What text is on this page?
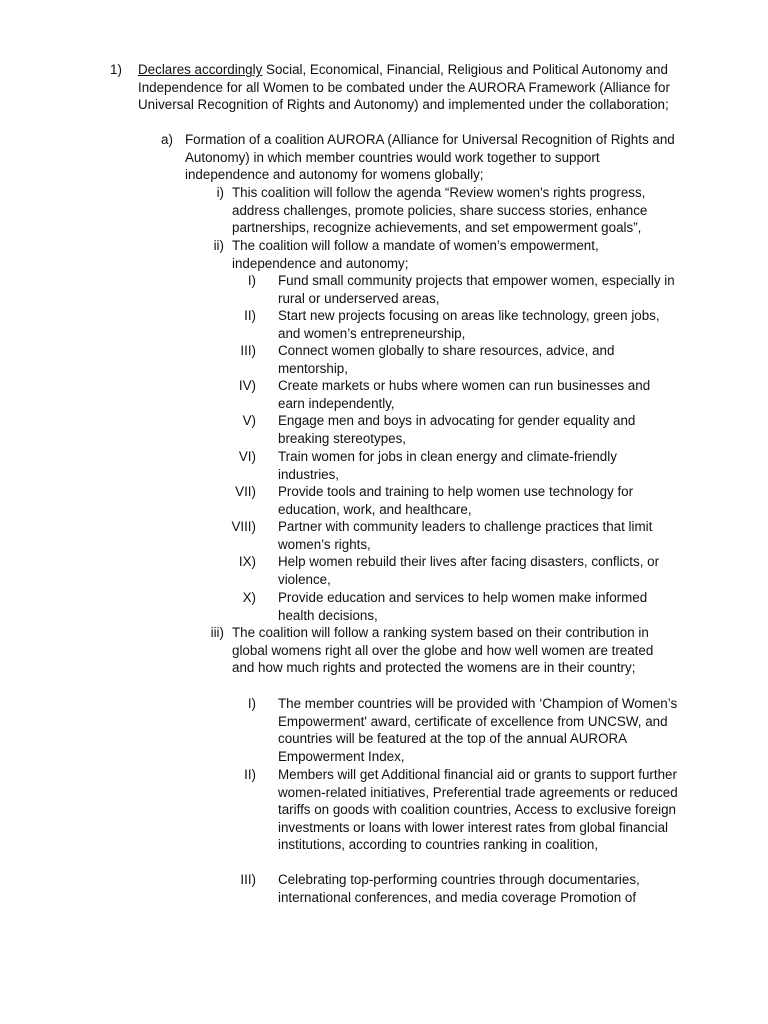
1)	Declares accordingly Social, Economical, Financial, Religious and Political Autonomy and Independence for all Women to be combated under the AURORA Framework (Alliance for Universal Recognition of Rights and Autonomy) and implemented under the collaboration;
a) Formation of a coalition AURORA (Alliance for Universal Recognition of Rights and Autonomy) in which member countries would work together to support independence and autonomy for womens globally;
i) This coalition will follow the agenda “Review women's rights progress, address challenges, promote policies, share success stories, enhance partnerships, recognize achievements, and set empowerment goals”,
ii) The coalition will follow a mandate of women’s empowerment, independence and autonomy;
I) Fund small community projects that empower women, especially in rural or underserved areas,
II) Start new projects focusing on areas like technology, green jobs, and women’s entrepreneurship,
III) Connect women globally to share resources, advice, and mentorship,
IV) Create markets or hubs where women can run businesses and earn independently,
V) Engage men and boys in advocating for gender equality and breaking stereotypes,
VI) Train women for jobs in clean energy and climate-friendly industries,
VII) Provide tools and training to help women use technology for education, work, and healthcare,
VIII) Partner with community leaders to challenge practices that limit women’s rights,
IX) Help women rebuild their lives after facing disasters, conflicts, or violence,
X) Provide education and services to help women make informed health decisions,
iii) The coalition will follow a ranking system based on their contribution in global womens right all over the globe and how well women are treated and how much rights and protected the womens are in their country;
I) The member countries will be provided with ‘Champion of Women’s Empowerment' award, certificate of excellence from UNCSW, and countries will be featured at the top of the annual AURORA Empowerment Index,
II) Members will get Additional financial aid or grants to support further women-related initiatives, Preferential trade agreements or reduced tariffs on goods with coalition countries, Access to exclusive foreign investments or loans with lower interest rates from global financial institutions, according to countries ranking in coalition,
III) Celebrating top-performing countries through documentaries, international conferences, and media coverage Promotion of
